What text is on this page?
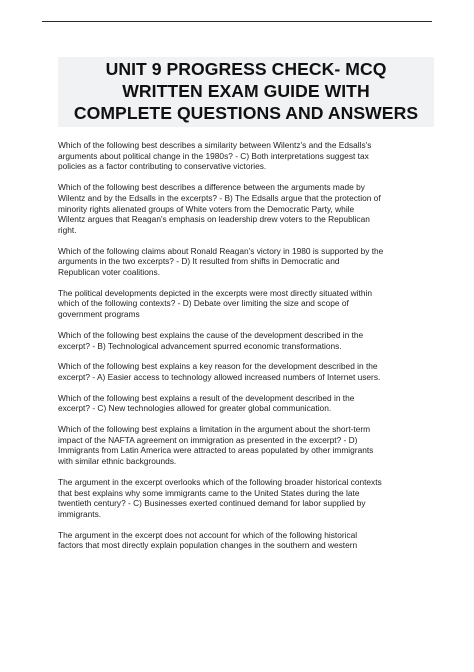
UNIT 9 PROGRESS CHECK- MCQ
WRITTEN EXAM GUIDE WITH
COMPLETE QUESTIONS AND ANSWERS

Which of the following best describes a similarity between Wilentz's and the Edsalls's
arguments about political change in the 1980s? - C) Both interpretations suggest tax
policies as a factor contributing to conservative victories.

Which of the following best describes a difference between the arguments made by
Wilentz and by the Edsalls in the excerpts? - B) The Edsalls argue that the protection of
minority rights alienated groups of White voters from the Democratic Party, while
Wilentz argues that Reagan's emphasis on leadership drew voters to the Republican
right.

Which of the following claims about Ronald Reagan's victory in 1980 is supported by the
arguments in the two excerpts? - D) It resulted from shifts in Democratic and
Republican voter coalitions.

The political developments depicted in the excerpts were most directly situated within
which of the following contexts? - D) Debate over limiting the size and scope of
government programs

Which of the following best explains the cause of the development described in the
excerpt? - B) Technological advancement spurred economic transformations.

Which of the following best explains a key reason for the development described in the
excerpt? - A) Easier access to technology allowed increased numbers of Internet users.

Which of the following best explains a result of the development described in the
excerpt? - C) New technologies allowed for greater global communication.

Which of the following best explains a limitation in the argument about the short-term
impact of the NAFTA agreement on immigration as presented in the excerpt? - D)
Immigrants from Latin America were attracted to areas populated by other immigrants
with similar ethnic backgrounds.

The argument in the excerpt overlooks which of the following broader historical contexts
that best explains why some immigrants came to the United States during the late
twentieth century? - C) Businesses exerted continued demand for labor supplied by
immigrants.

The argument in the excerpt does not account for which of the following historical
factors that most directly explain population changes in the southern and western
